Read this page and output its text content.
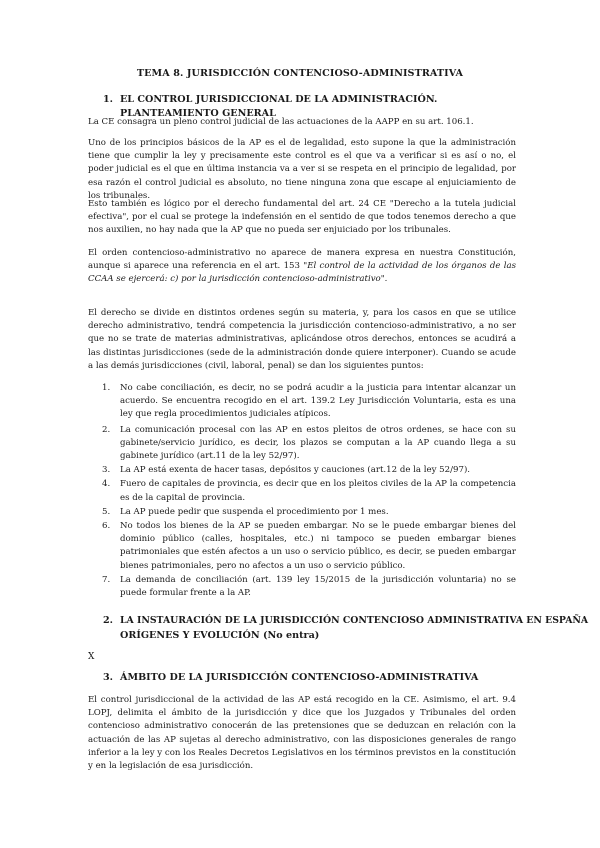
TEMA 8. JURISDICCIÓN CONTENCIOSO-ADMINISTRATIVA
1. EL CONTROL JURISDICCIONAL DE LA ADMINISTRACIÓN. PLANTEAMIENTO GENERAL
La CE consagra un pleno control judicial de las actuaciones de la AAPP en su art. 106.1.
Uno de los principios básicos de la AP es el de legalidad, esto supone la que la administración tiene que cumplir la ley y precisamente este control es el que va a verificar si es así o no, el poder judicial es el que en última instancia va a ver si se respeta en el principio de legalidad, por esa razón el control judicial es absoluto, no tiene ninguna zona que escape al enjuiciamiento de los tribunales.
Esto también es lógico por el derecho fundamental del art. 24 CE "Derecho a la tutela judicial efectiva", por el cual se protege la indefensión en el sentido de que todos tenemos derecho a que nos auxilien, no hay nada que la AP que no pueda ser enjuiciado por los tribunales.
El orden contencioso-administrativo no aparece de manera expresa en nuestra Constitución, aunque si aparece una referencia en el art. 153 "El control de la actividad de los órganos de las CCAA se ejercerá: c) por la jurisdicción contencioso-administrativo".
El derecho se divide en distintos ordenes según su materia, y, para los casos en que se utilice derecho administrativo, tendrá competencia la jurisdicción contencioso-administrativo, a no ser que no se trate de materias administrativas, aplicándose otros derechos, entonces se acudirá a las distintas jurisdicciones (sede de la administración donde quiere interponer). Cuando se acude a las demás jurisdicciones (civil, laboral, penal) se dan los siguientes puntos:
1. No cabe conciliación, es decir, no se podrá acudir a la justicia para intentar alcanzar un acuerdo. Se encuentra recogido en el art. 139.2 Ley Jurisdicción Voluntaria, esta es una ley que regla procedimientos judiciales atípicos.
2. La comunicación procesal con las AP en estos pleitos de otros ordenes, se hace con su gabinete/servicio jurídico, es decir, los plazos se computan a la AP cuando llega a su gabinete jurídico (art.11 de la ley 52/97).
3. La AP está exenta de hacer tasas, depósitos y cauciones (art.12 de la ley 52/97).
4. Fuero de capitales de provincia, es decir que en los pleitos civiles de la AP la competencia es de la capital de provincia.
5. La AP puede pedir que suspenda el procedimiento por 1 mes.
6. No todos los bienes de la AP se pueden embargar. No se le puede embargar bienes del dominio público (calles, hospitales, etc.) ni tampoco se pueden embargar bienes patrimoniales que estén afectos a un uso o servicio público, es decir, se pueden embargar bienes patrimoniales, pero no afectos a un uso o servicio público.
7. La demanda de conciliación (art. 139 ley 15/2015 de la jurisdicción voluntaria) no se puede formular frente a la AP.
2. LA INSTAURACIÓN DE LA JURISDICCIÓN CONTENCIOSO ADMINISTRATIVA EN ESPAÑA
ORÍGENES Y EVOLUCIÓN (No entra)
X
3. ÁMBITO DE LA JURISDICCIÓN CONTENCIOSO-ADMINISTRATIVA
El control jurisdiccional de la actividad de las AP está recogido en la CE. Asimismo, el art. 9.4 LOPJ, delimita el ámbito de la jurisdicción y dice que los Juzgados y Tribunales del orden contencioso administrativo conocerán de las pretensiones que se deduzcan en relación con la actuación de las AP sujetas al derecho administrativo, con las disposiciones generales de rango inferior a la ley y con los Reales Decretos Legislativos en los términos previstos en la constitución y en la legislación de esa jurisdicción.
